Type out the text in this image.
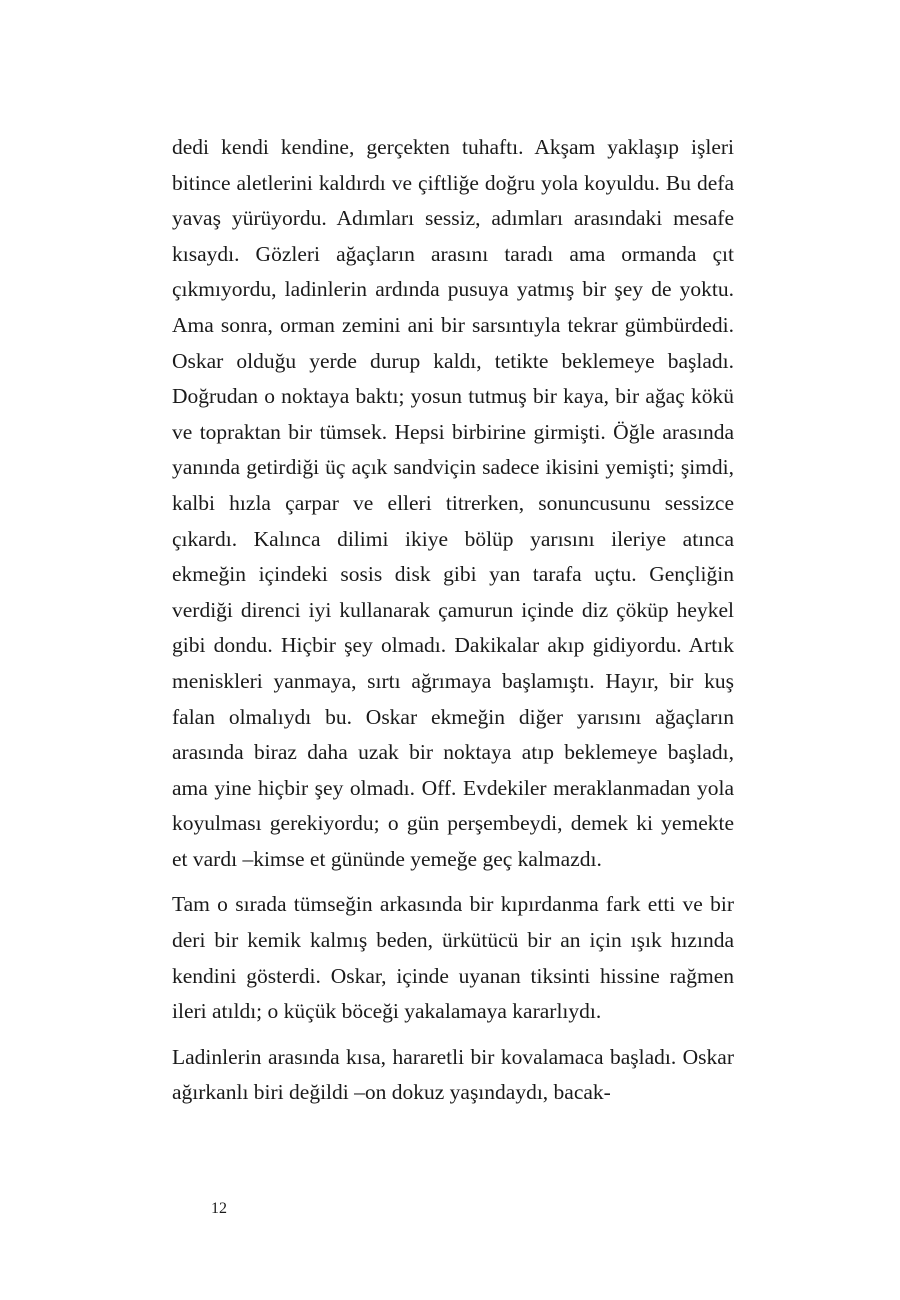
dedi kendi kendine, gerçekten tuhaftı. Akşam yaklaşıp işleri bitince aletlerini kaldırdı ve çiftliğe doğru yola koyuldu. Bu defa yavaş yürüyordu. Adımları sessiz, adımları arasındaki mesafe kısaydı. Gözleri ağaçların arasını taradı ama ormanda çıt çıkmıyordu, ladinlerin ardında pusuya yatmış bir şey de yoktu. Ama sonra, orman zemini ani bir sarsıntıyla tekrar gümbürdedi. Oskar olduğu yerde durup kaldı, tetikte beklemeye başladı. Doğrudan o noktaya baktı; yosun tutmuş bir kaya, bir ağaç kökü ve topraktan bir tümsek. Hepsi birbirine girmişti. Öğle arasında yanında getirdiği üç açık sandviçin sadece ikisini yemişti; şimdi, kalbi hızla çarpar ve elleri titrerken, sonuncusunu sessizce çıkardı. Kalınca dilimi ikiye bölüp yarısını ileriye atınca ekmeğin içindeki sosis disk gibi yan tarafa uçtu. Gençliğin verdiği direnci iyi kullanarak çamurun içinde diz çöküp heykel gibi dondu. Hiçbir şey olmadı. Dakikalar akıp gidiyordu. Artık meniskleri yanmaya, sırtı ağrımaya başlamıştı. Hayır, bir kuş falan olmalıydı bu. Oskar ekmeğin diğer yarısını ağaçların arasında biraz daha uzak bir noktaya atıp beklemeye başladı, ama yine hiçbir şey olmadı. Off. Evdekiler meraklanmadan yola koyulması gerekiyordu; o gün perşembeydi, demek ki yemekte et vardı –kimse et gününde yemeğe geç kalmazdı.

Tam o sırada tümseğin arkasında bir kıpırdanma fark etti ve bir deri bir kemik kalmış beden, ürkütücü bir an için ışık hızında kendini gösterdi. Oskar, içinde uyanan tiksinti hissine rağmen ileri atıldı; o küçük böceği yakalamaya kararlıydı.

Ladinlerin arasında kısa, hararetli bir kovalamaca başladı. Oskar ağırkanlı biri değildi –on dokuz yaşındaydı, bacak-

12
